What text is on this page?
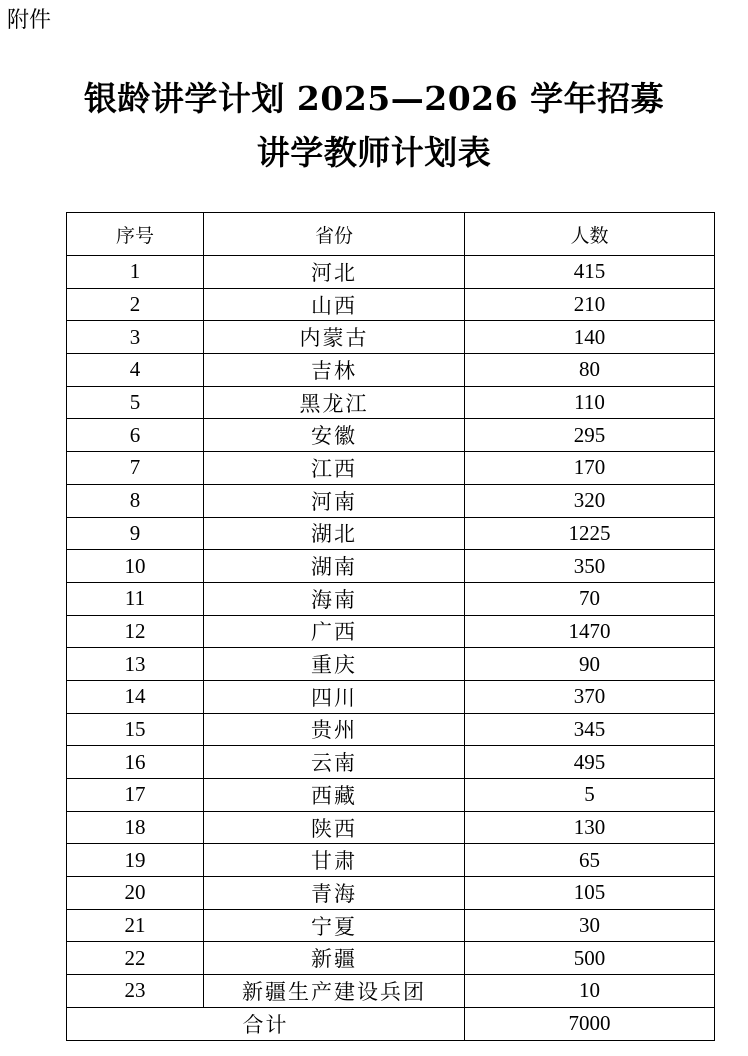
附件
银龄讲学计划 2025—2026 学年招募
讲学教师计划表
序号	省份	人数
1	河北	415
2	山西	210
3	内蒙古	140
4	吉林	80
5	黑龙江	110
6	安徽	295
7	江西	170
8	河南	320
9	湖北	1225
10	湖南	350
11	海南	70
12	广西	1470
13	重庆	90
14	四川	370
15	贵州	345
16	云南	495
17	西藏	5
18	陕西	130
19	甘肃	65
20	青海	105
21	宁夏	30
22	新疆	500
23	新疆生产建设兵团	10
合计		7000
